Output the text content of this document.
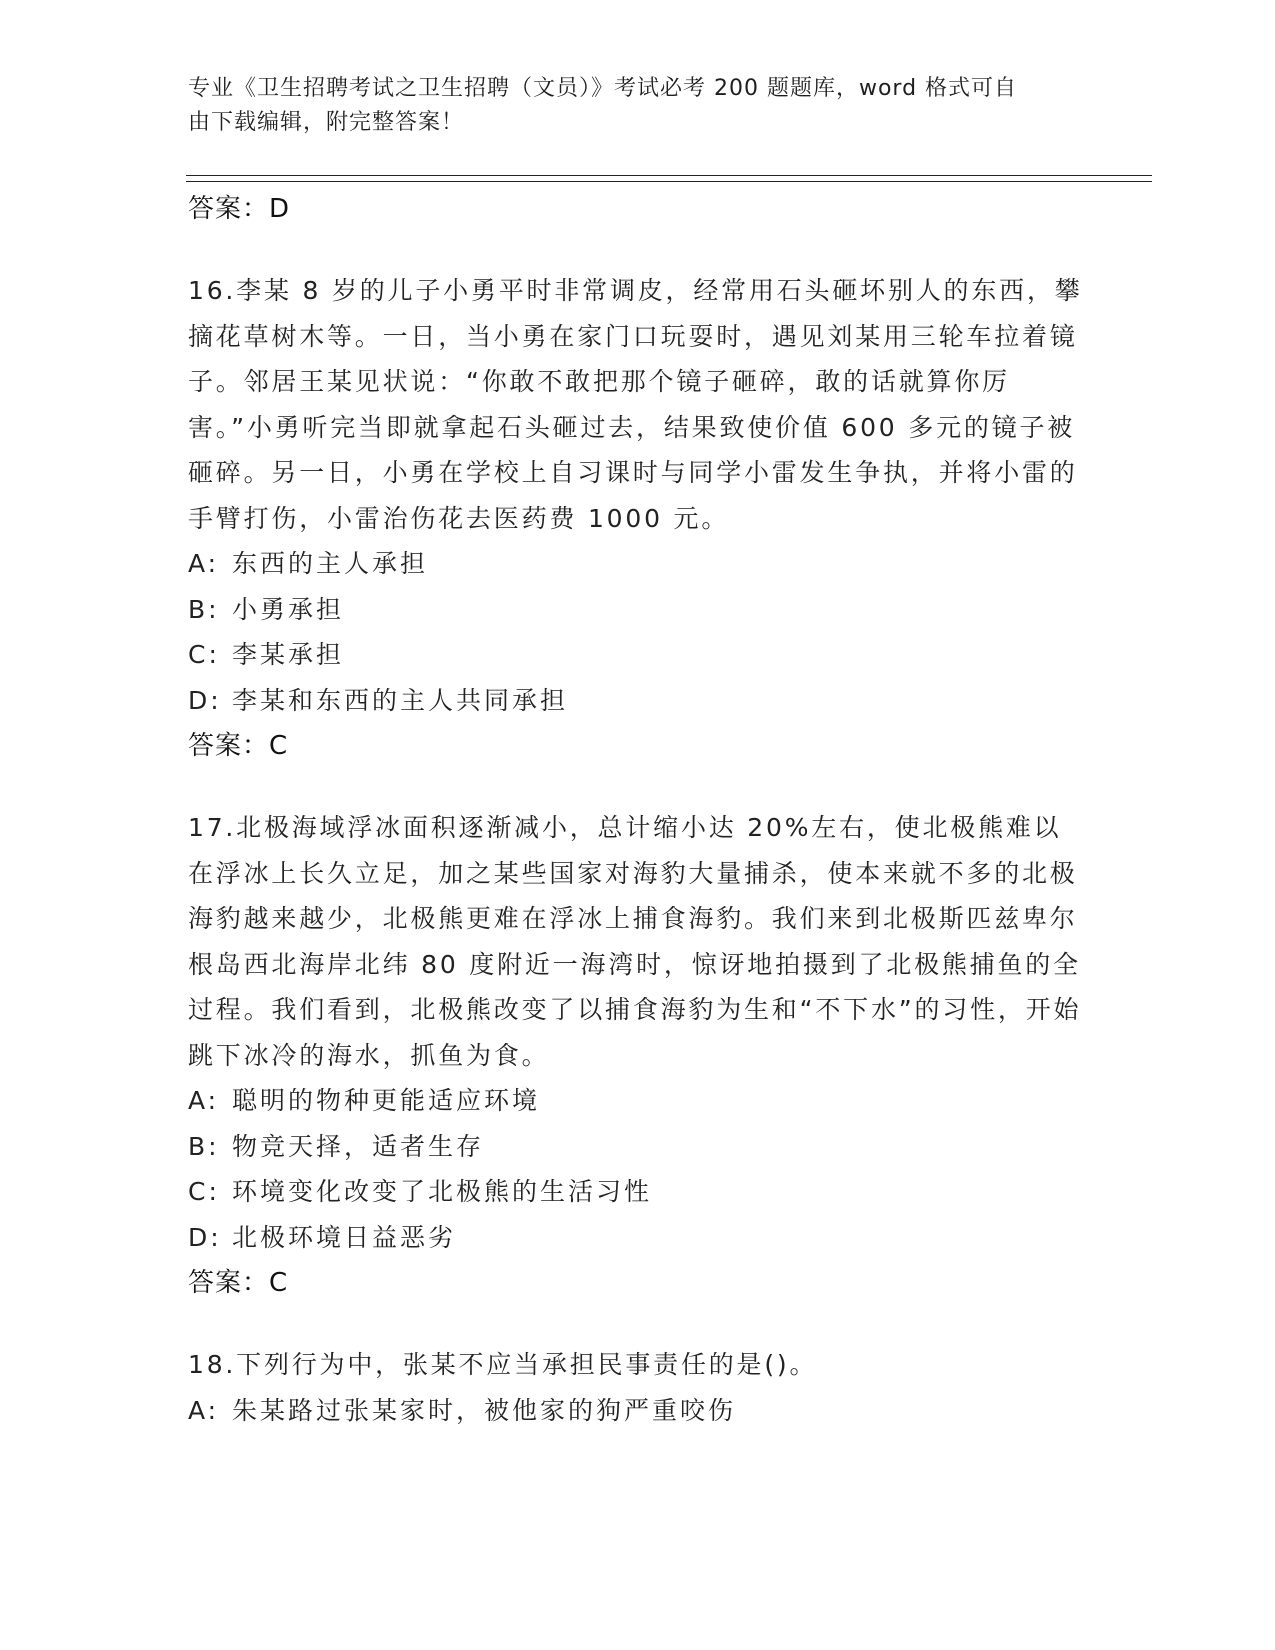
专业《卫生招聘考试之卫生招聘（文员）》考试必考 200 题题库，word 格式可自
由下载编辑，附完整答案！
答案：D

16.李某 8 岁的儿子小勇平时非常调皮，经常用石头砸坏别人的东西，攀摘花草树木等。一日，当小勇在家门口玩耍时，遇见刘某用三轮车拉着镜子。邻居王某见状说：“你敢不敢把那个镜子砸碎，敢的话就算你厉害。”小勇听完当即就拿起石头砸过去，结果致使价值 600 多元的镜子被砸碎。另一日，小勇在学校上自习课时与同学小雷发生争执，并将小雷的手臂打伤，小雷治伤花去医药费 1000 元。

A: 东西的主人承担
B: 小勇承担
C: 李某承担
D: 李某和东西的主人共同承担
答案：C

17.北极海域浮冰面积逐渐减小，总计缩小达 20%左右，使北极熊难以在浮冰上长久立足，加之某些国家对海豹大量捕杀，使本来就不多的北极海豹越来越少，北极熊更难在浮冰上捕食海豹。我们来到北极斯匹兹卑尔根岛西北海岸北纬 80 度附近一海湾时，惊讶地拍摄到了北极熊捕鱼的全过程。我们看到，北极熊改变了以捕食海豹为生和“不下水”的习性，开始跳下冰冷的海水，抓鱼为食。

A: 聪明的物种更能适应环境
B: 物竞天择，适者生存
C: 环境变化改变了北极熊的生活习性
D: 北极环境日益恶劣
答案：C

18.下列行为中，张某不应当承担民事责任的是()。

A: 朱某路过张某家时，被他家的狗严重咬伤
